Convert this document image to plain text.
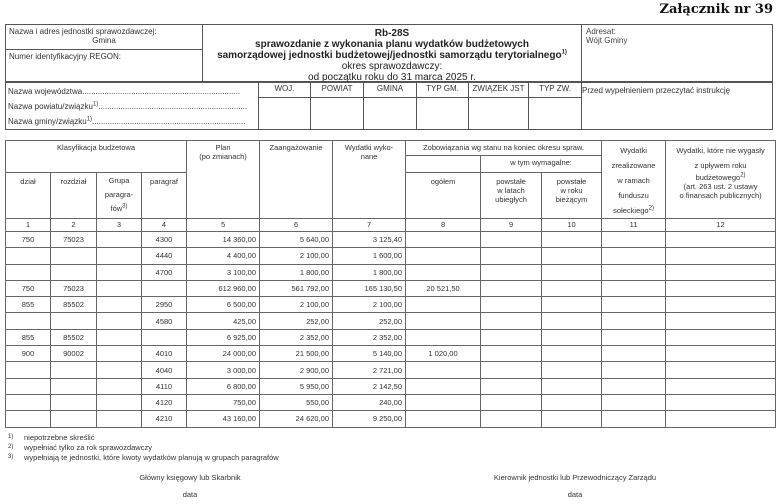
Załącznik nr 39
Nazwa i adres jednostki sprawozdawczej:
Gmina
Numer identyfikacyjny REGON:
Rb-28S
sprawozdanie z wykonania planu wydatków budżetowych
samorządowej jednostki budżetowej/jednostki samorządu terytorialnego$^{1)}$
okres sprawozdawczy:
od początku roku do 31 marca 2025 r.
Adresat:
Wójt Gminy
Nazwa województwa.......................................................................
Nazwa powiatu/związku$^{1)}$...................................................................
Nazwa gminy/związku$^{1)}$.....................................................................
WOJ.	POWIAT	GMINA	TYP GM.	ZWIĄZEK JST	TYP ZW.	Przed wypełnieniem przeczytać instrukcję
Klasyfikacja budżetowa	Plan
(po zmianach)
	Zaangażowanie	Wydatki wyko-
nane
	Zobowiązania wg stanu na koniec okresu spraw.	Wydatki
zrealizowane
w ramach
funduszu
sołeckiego$^{2)}$

Wydatki, które nie wygasły
z upływem roku
budżetowego$^{2)}$
(art. 263 ust. 2 ustawy
o finansach publicznych)

								w tym wymagalne:			
dział	rozdział	Grupa
paragra-
fów$^{3)}$
	paragraf	ogółem	powstałe
w latach
ubiegłych

powstałe
w roku
bieżącym

1	2	3	4	5	6	7	8	9	10	11	12
750	75023		4300	14 360,00	5 640,00	3 125,40					
			4440	4 400,00	2 100,00	1 600,00					
			4700	3 100,00	1 800,00	1 800,00					
750	75023			612 960,00	561 792,00	165 130,50	20 521,50				
855	85502		2950	6 500,00	2 100,00	2 100,00					
			4580	425,00	252,00	252,00					
855	85502			6 925,00	2 352,00	2 352,00					
900	90002		4010	24 000,00	21 500,00	5 140,00	1 020,00				
			4040	3 000,00	2 900,00	2 721,00					
			4110	6 800,00	5 950,00	2 142,50					
			4120	750,00	550,00	240,00					
			4210	43 160,00	24 620,00	9 250,00					
1) niepotrzebne skreślić
2) wypełniać tylko za rok sprawozdawczy
3) wypełniają te jednostki, które kwoty wydatków planują w grupach paragrafów
Główny księgowy lub Skarbnik
data
Kierownik jednostki lub Przewodniczący Zarządu
data
